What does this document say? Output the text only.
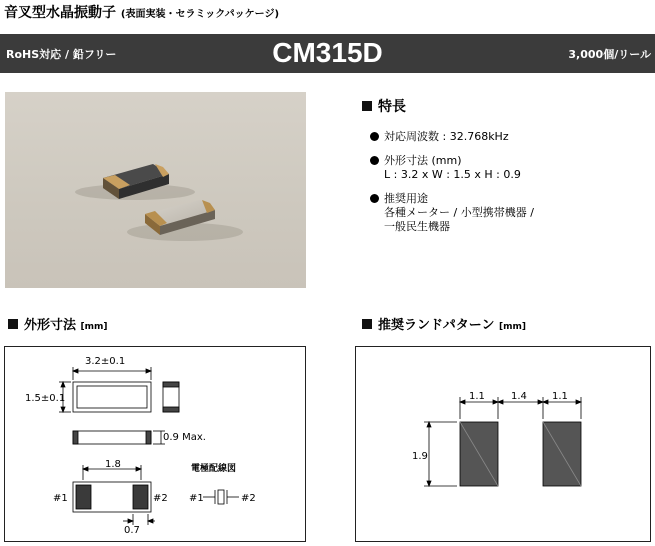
音叉型水晶振動子 (表面実装・セラミックパッケージ)
RoHS対応 / 鉛フリー	CM315D	3,000個/リール
特長
対応周波数 : 32.768kHz
外形寸法 (mm)
L : 3.2 x W : 1.5 x H : 0.9
推奨用途
各種メーター / 小型携帯機器 /
一般民生機器
外形寸法 [mm]	推奨ランドパターン [mm]
3.2±0.1
1.5±0.1
0.9 Max.
1.8
0.7
#1	#2
電極配線図
#1	#2
1.1	1.4	1.1
1.9
